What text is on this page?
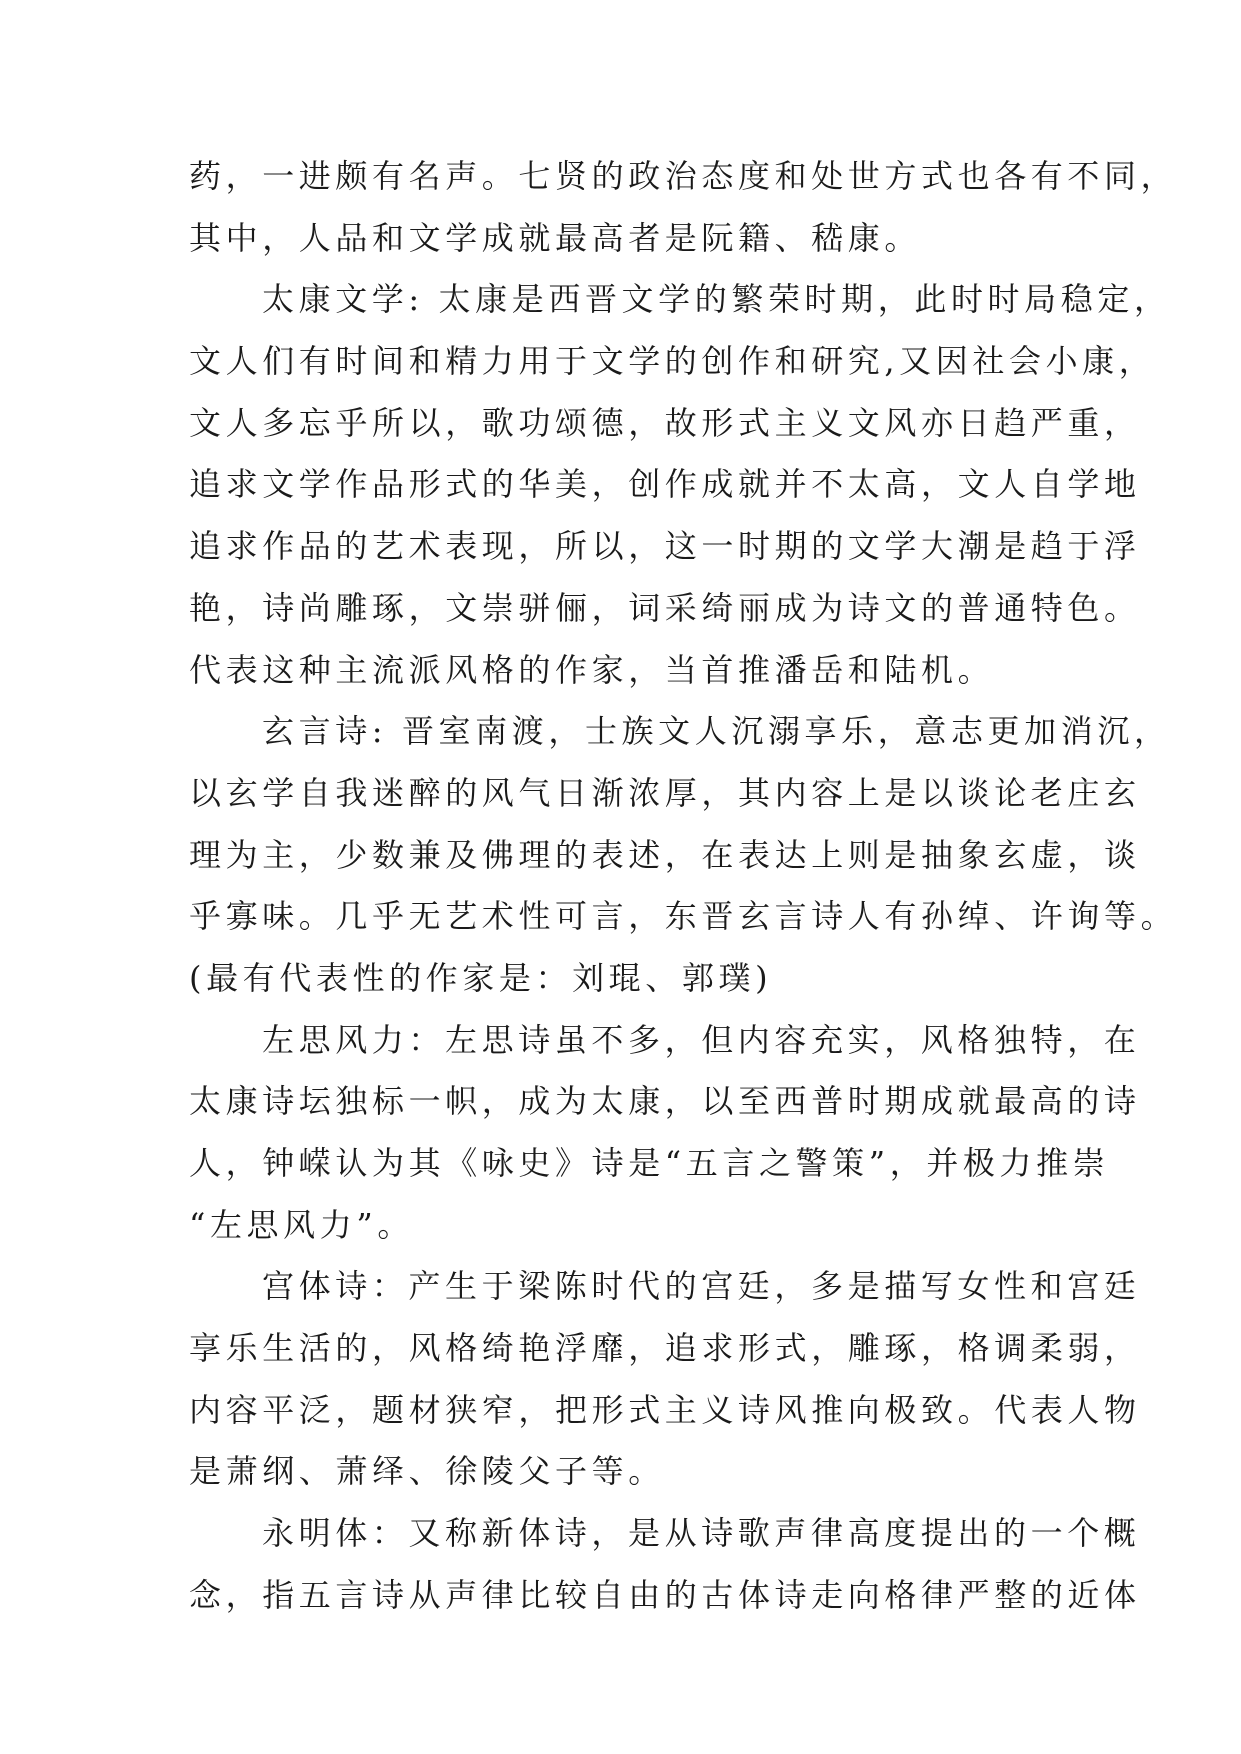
药，一进颇有名声。七贤的政治态度和处世方式也各有不同，
其中，人品和文学成就最高者是阮籍、嵇康。
太康文学: 太康是西晋文学的繁荣时期，此时时局稳定，
文人们有时间和精力用于文学的创作和研究,又因社会小康，
文人多忘乎所以，歌功颂德，故形式主义文风亦日趋严重，
追求文学作品形式的华美，创作成就并不太高，文人自学地
追求作品的艺术表现，所以，这一时期的文学大潮是趋于浮
艳，诗尚雕琢，文崇骈俪，词采绮丽成为诗文的普通特色。
代表这种主流派风格的作家，当首推潘岳和陆机。
玄言诗: 晋室南渡，士族文人沉溺享乐，意志更加消沉，
以玄学自我迷醉的风气日渐浓厚，其内容上是以谈论老庄玄
理为主，少数兼及佛理的表述，在表达上则是抽象玄虚，谈
乎寡味。几乎无艺术性可言，东晋玄言诗人有孙绰、许询等。
(最有代表性的作家是：刘琨、郭璞)
左思风力：左思诗虽不多，但内容充实，风格独特，在
太康诗坛独标一帜，成为太康，以至西普时期成就最高的诗
人，钟嵘认为其《咏史》诗是“五言之警策”，并极力推崇
“左思风力”。
宫体诗：产生于梁陈时代的宫廷，多是描写女性和宫廷
享乐生活的，风格绮艳浮靡，追求形式，雕琢，格调柔弱，
内容平泛，题材狭窄，把形式主义诗风推向极致。代表人物
是萧纲、萧绎、徐陵父子等。
永明体：又称新体诗，是从诗歌声律高度提出的一个概
念，指五言诗从声律比较自由的古体诗走向格律严整的近体
